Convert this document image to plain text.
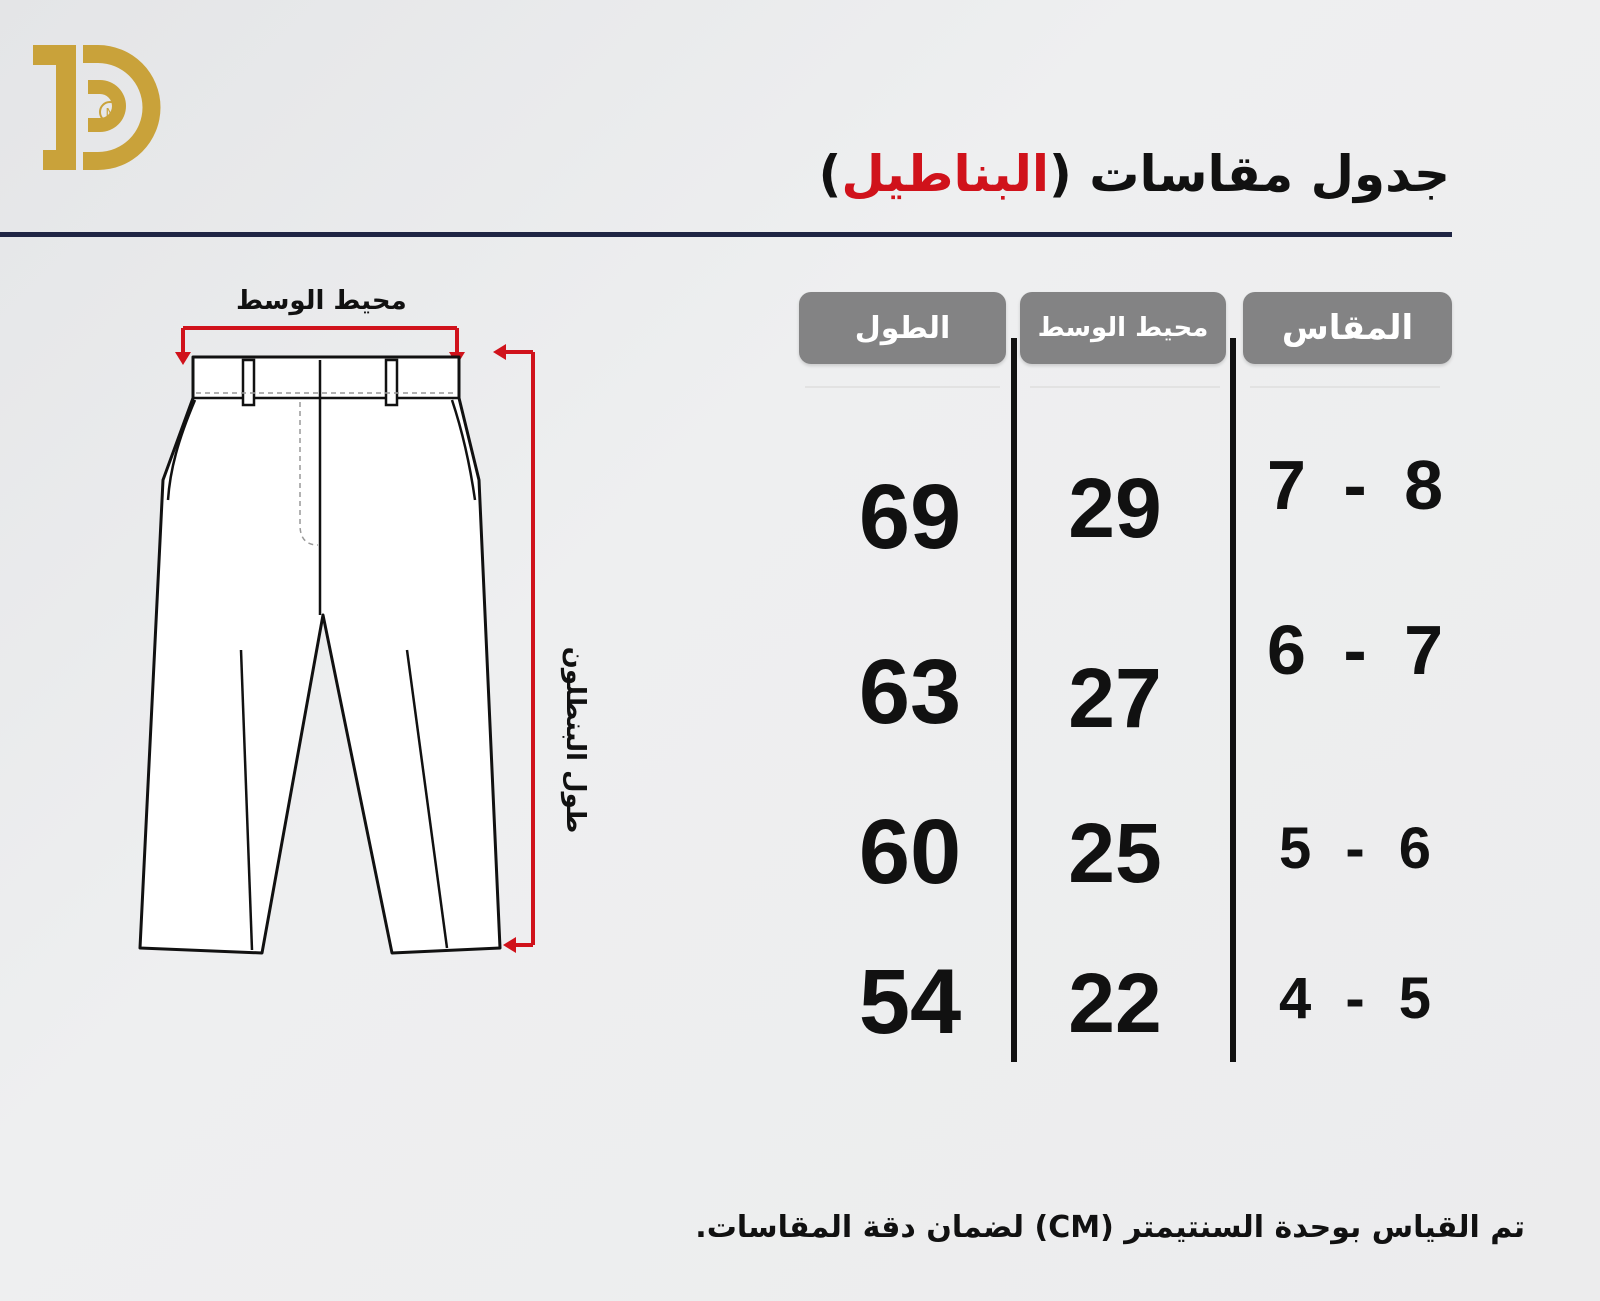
N
جدول مقاسات (البناطيل)
المقاس
محيط الوسط
الطول
7 - 8
29
69
6 - 7
27
63
5 - 6
25
60
4 - 5
22
54
محيط الوسط
طول البنطلون
تم القياس بوحدة السنتيمتر (CM) لضمان دقة المقاسات.
